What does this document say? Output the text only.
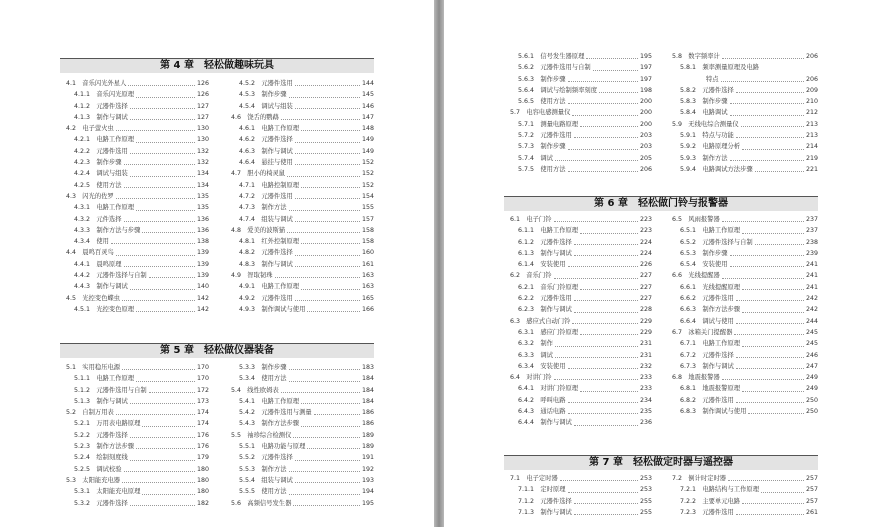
第 4 章　轻松做趣味玩具
4.1　音乐闪光外星人	126
4.1.1　音乐闪光原理	126
4.1.2　元器件选择	127
4.1.3　制作与调试	127
4.2　电子萤火虫	130
4.2.1　电路工作原理	130
4.2.2　元器件选用	132
4.2.3　制作步骤	132
4.2.4　调试与组装	134
4.2.5　使用方法	134
4.3　闪光的佐罗	135
4.3.1　电路工作原理	135
4.3.2　元件选择	136
4.3.3　制作方法与步骤	136
4.3.4　使用	138
4.4　晨鸣百灵鸟	139
4.4.1　晨鸣原理	139
4.4.2　元器件选择与自制	139
4.4.3　制作与调试	140
4.5　光控变色蝶虫	142
4.5.1　光控变色原理	142
4.5.2　元器件选用	144
4.5.3　制作步骤	145
4.5.4　调试与组装	146
4.6　饶舌的鹦鹉	147
4.6.1　电路工作原理	148
4.6.2　元器件选择	149
4.6.3　制作与调试	149
4.6.4　悬挂与使用	152
4.7　胆小的椅灵鼠	152
4.7.1　电路控制原理	152
4.7.2　元器件选用	154
4.7.3　制作方法	155
4.7.4　组装与调试	157
4.8　爱美的波斯猫	158
4.8.1　红外控制原理	158
4.8.2　元器件选择	160
4.8.3　制作与调试	161
4.9　智取韧珠	163
4.9.1　电路工作原理	163
4.9.2　元器件选用	165
4.9.3　制作调试与使用	166
第 5 章　轻松做仪器装备
5.1　实用稳压电源	170
5.1.1　电路工作原理	170
5.1.2　元器件选用与自制	172
5.1.3　制作与调试	173
5.2　自制万用表	174
5.2.1　万用表电路原理	174
5.2.2　元器件选择	176
5.2.3　制作方法步骤	176
5.2.4　绘制刻度线	179
5.2.5　调试校验	180
5.3　太阳能充电器	180
5.3.1　太阳能充电原理	180
5.3.2　元器件选择	182
5.3.3　制作步骤	183
5.3.4　使用方法	184
5.4　线性欧姆表	184
5.4.1　电路工作原理	184
5.4.2　元器件选用与测量	186
5.4.3　制作方法步骤	186
5.5　袖珍综合检测仪	189
5.5.1　电路功能与原理	189
5.5.2　元器件选择	191
5.5.3　制作方法	192
5.5.4　组装与调试	193
5.5.5　使用方法	194
5.6　高频信号发生器	195
5.6.1　信号发生器原理	195
5.6.2　元器件选用与自制	197
5.6.3　制作步骤	197
5.6.4　调试与绘制频率刻度	198
5.6.5　使用方法	200
5.7　电容电感测量仪	200
5.7.1　测量电路原理	200
5.7.2　元器件选用	203
5.7.3　制作步骤	203
5.7.4　调试	205
5.7.5　使用方法	206
5.8　数字频率计	206
5.8.1　频率测量原理及电路
特点	206
5.8.2　元器件选择	209
5.8.3　制作步骤	210
5.8.4　电路调试	212
5.9　无线电综合测量仪	213
5.9.1　特点与功能	213
5.9.2　电路原理分析	214
5.9.3　制作方法	219
5.9.4　电路调试方法步骤	221
第 6 章　轻松做门铃与报警器
6.1　电子门铃	223
6.1.1　电路工作原理	223
6.1.2　元器件选择	224
6.1.3　制作与调试	224
6.1.4　安装使用	226
6.2　音乐门铃	227
6.2.1　音乐门铃原理	227
6.2.2　元器件选用	227
6.2.3　制作与调试	228
6.3　感应式自动门铃	229
6.3.1　感应门铃原理	229
6.3.2　制作	231
6.3.3　调试	231
6.3.4　安装使用	232
6.4　对讲门铃	233
6.4.1　对讲门铃原理	233
6.4.2　呼叫电路	234
6.4.3　通话电路	235
6.4.4　制作与调试	236
6.5　风雨报警器	237
6.5.1　电路工作原理	237
6.5.2　元器件选择与自制	238
6.5.3　制作步骤	239
6.5.4　安装使用	241
6.6　光线提醒器	241
6.6.1　光线提醒原理	241
6.6.2　元器件选用	242
6.6.3　制作方法步骤	242
6.6.4　调试与使用	244
6.7　冰箱关门提醒器	245
6.7.1　电路工作原理	245
6.7.2　元器件选择	246
6.7.3　制作与调试	247
6.8　地震报警器	249
6.8.1　地震报警原理	249
6.8.2　元器件选用	250
6.8.3　制作调试与使用	250
第 7 章　轻松做定时器与遥控器
7.1　电子定时器	253
7.1.1　定时原理	253
7.1.2　元器件选择	255
7.1.3　制作与调试	255
7.2　倒计时定时器	257
7.2.1　电路结构与工作原理	257
7.2.2　主要单元电路	257
7.2.3　元器件选用	261
